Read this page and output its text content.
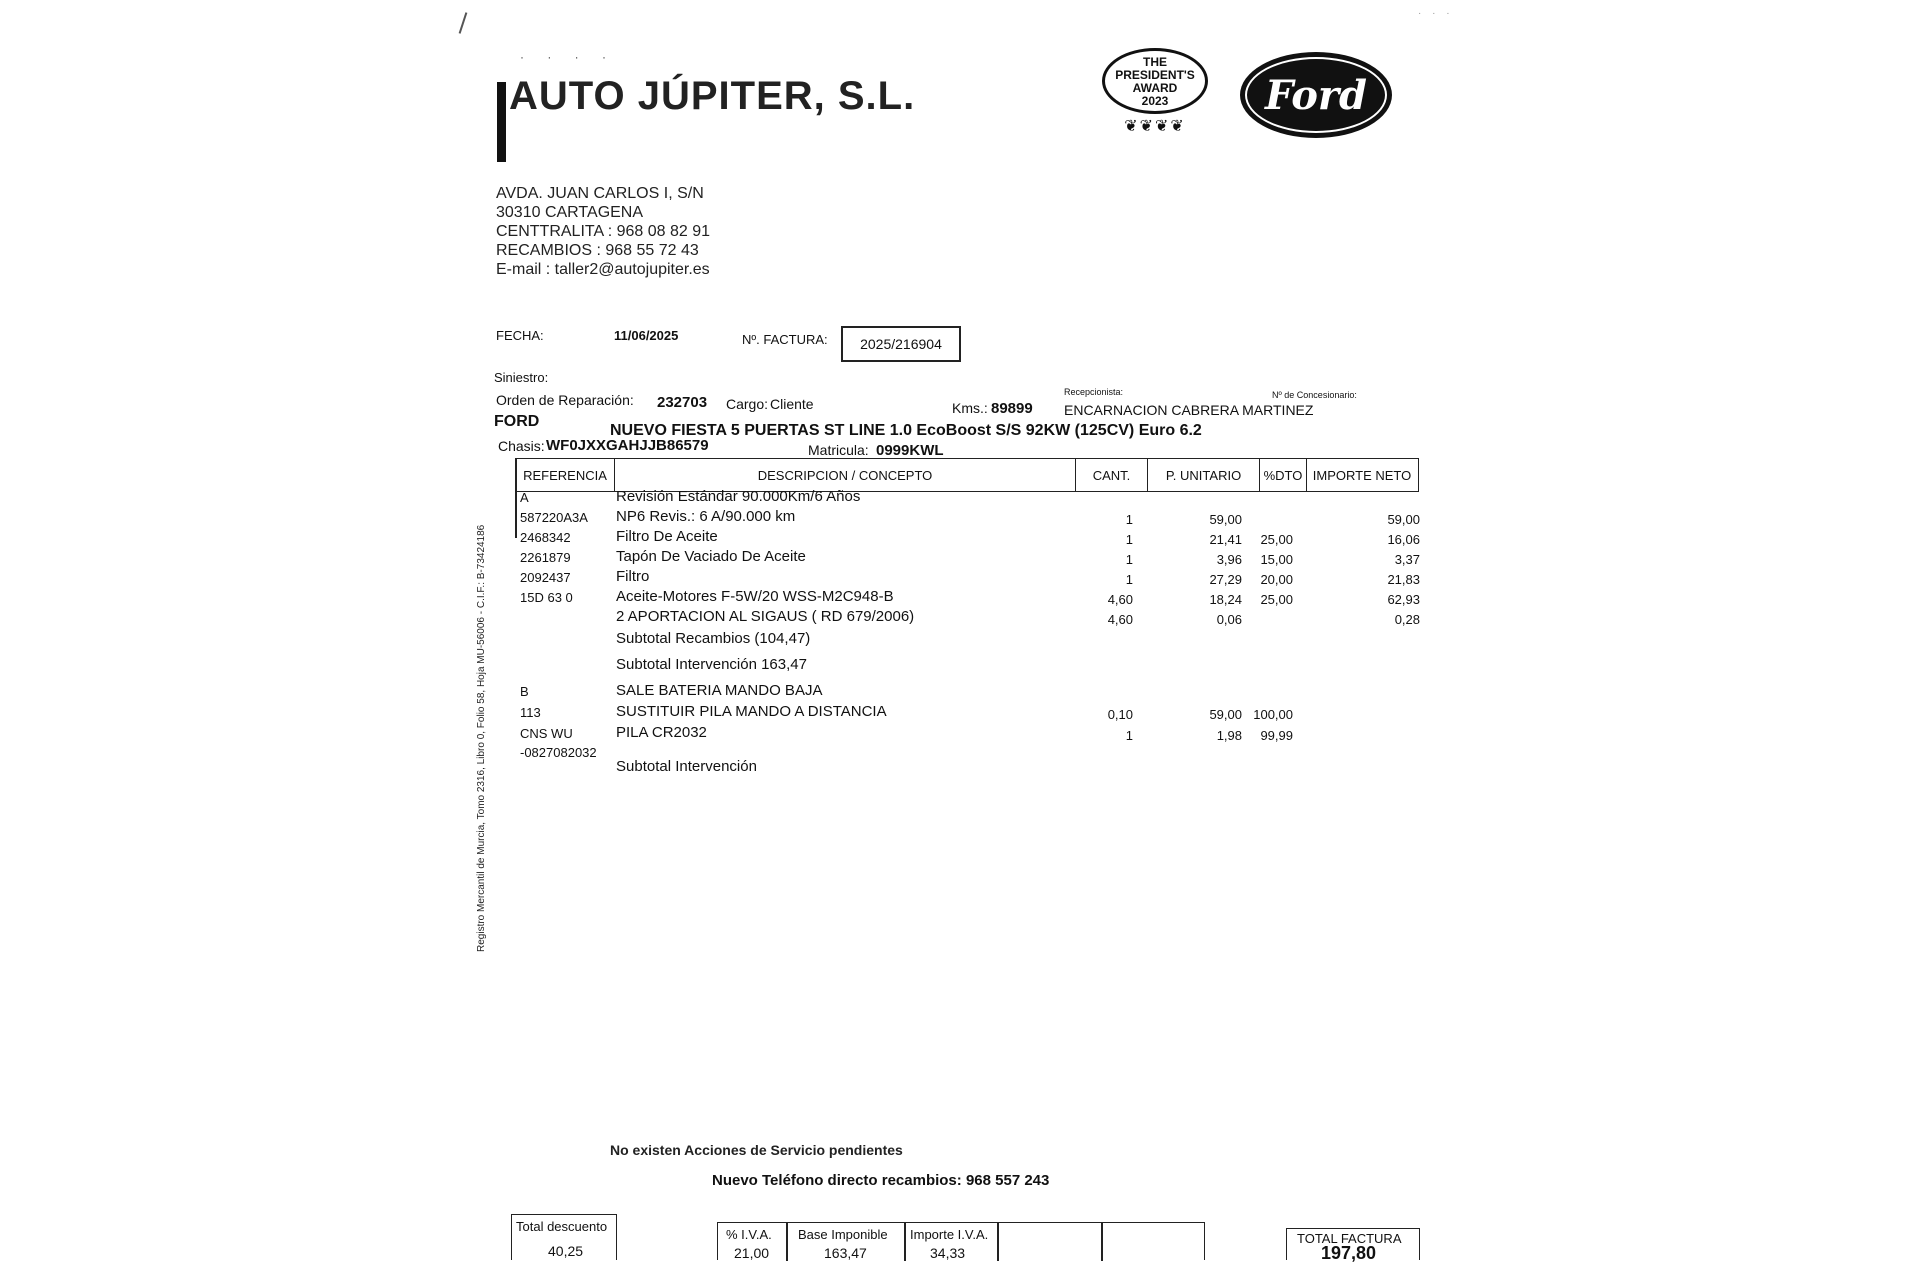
· · ·
· · · ·
AUTO JÚPITER, S.L.
THE
PRESIDENT'S
AWARD
2023
❦❦❦❦
Ford
AVDA. JUAN CARLOS I, S/N
30310 CARTAGENA
CENTTRALITA : 968 08 82 91
RECAMBIOS : 968 55 72 43
E-mail : taller2@autojupiter.es
FECHA:	11/06/2025	Nº. FACTURA:	2025/216904
Siniestro:
Orden de Reparación: 232703 Cargo: Cliente	Kms.: 89899
Recepcionista:
ENCARNACION CABRERA MARTINEZ
Nº de Concesionario:
FORD
NUEVO FIESTA 5 PUERTAS ST LINE 1.0 EcoBoost S/S 92KW (125CV) Euro 6.2
Chasis: WF0JXXGAHJJB86579	Matricula: 0999KWL
REFERENCIA	DESCRIPCION / CONCEPTO	CANT.	P. UNITARIO	%DTO IMPORTE NETO
A	Revisión Estándar 90.000Km/6 Años
587220A3A NP6 Revis.: 6 A/90.000 km	1	59,00	59,00
2468342	Filtro De Aceite	1	21,41 25,00	16,06
2261879	Tapón De Vaciado De Aceite	1	3,96 15,00	3,37
2092437	Filtro	1	27,29 20,00	21,83
15D 63 0	Aceite-Motores F-5W/20 WSS-M2C948-B	4,60	18,24 25,00	62,93
2 APORTACION AL SIGAUS ( RD 679/2006)	4,60	0,06	0,28
Subtotal Recambios (104,47)
Subtotal Intervención 163,47
B	SALE BATERIA MANDO BAJA
113	SUSTITUIR PILA MANDO A DISTANCIA	0,10	59,00 100,00
CNS WU	PILA CR2032	1	1,98 99,99
-0827082032
Subtotal Intervención
Registro Mercantil de Murcia, Tomo 2316, Libro 0, Folio 58, Hoja MU-56006 - C.I.F.: B-73424186
No existen Acciones de Servicio pendientes
Nuevo Teléfono directo recambios: 968 557 243
Total descuento
40,25
% I.V.A.
21,00
Base Imponible
163,47
Importe I.V.A.
34,33
TOTAL FACTURA
197,80
